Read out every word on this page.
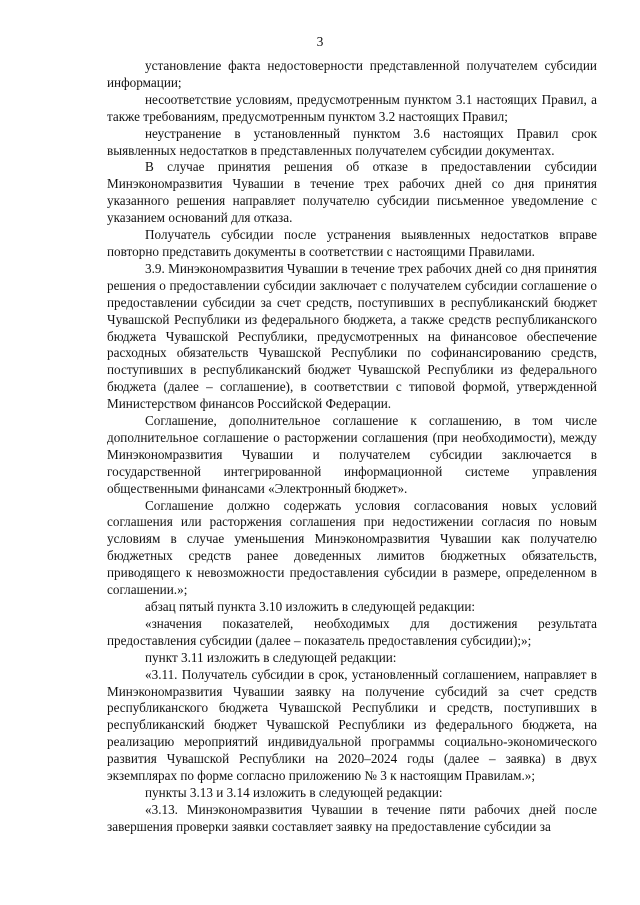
3

установление факта недостоверности представленной получателем субсидии информации;

несоответствие условиям, предусмотренным пунктом 3.1 настоящих Правил, а также требованиям, предусмотренным пунктом 3.2 настоящих Правил;

неустранение в установленный пунктом 3.6 настоящих Правил срок выявленных недостатков в представленных получателем субсидии документах.

В случае принятия решения об отказе в предоставлении субсидии Минэкономразвития Чувашии в течение трех рабочих дней со дня принятия указанного решения направляет получателю субсидии письменное уведомление с указанием оснований для отказа.

Получатель субсидии после устранения выявленных недостатков вправе повторно представить документы в соответствии с настоящими Правилами.

3.9. Минэкономразвития Чувашии в течение трех рабочих дней со дня принятия решения о предоставлении субсидии заключает с получателем субсидии соглашение о предоставлении субсидии за счет средств, поступивших в республиканский бюджет Чувашской Республики из федерального бюджета, а также средств республиканского бюджета Чувашской Республики, предусмотренных на финансовое обеспечение расходных обязательств Чувашской Республики по софинансированию средств, поступивших в республиканский бюджет Чувашской Республики из федерального бюджета (далее – соглашение), в соответствии с типовой формой, утвержденной Министерством финансов Российской Федерации.

Соглашение, дополнительное соглашение к соглашению, в том числе дополнительное соглашение о расторжении соглашения (при необходимости), между Минэкономразвития Чувашии и получателем субсидии заключается в государственной интегрированной информационной системе управления общественными финансами «Электронный бюджет».

Соглашение должно содержать условия согласования новых условий соглашения или расторжения соглашения при недостижении согласия по новым условиям в случае уменьшения Минэкономразвития Чувашии как получателю бюджетных средств ранее доведенных лимитов бюджетных обязательств, приводящего к невозможности предоставления субсидии в размере, определенном в соглашении.»;

абзац пятый пункта 3.10 изложить в следующей редакции:

«значения показателей, необходимых для достижения результата предоставления субсидии (далее – показатель предоставления субсидии);»;

пункт 3.11 изложить в следующей редакции:

«3.11. Получатель субсидии в срок, установленный соглашением, направляет в Минэкономразвития Чувашии заявку на получение субсидий за счет средств республиканского бюджета Чувашской Республики и средств, поступивших в республиканский бюджет Чувашской Республики из федерального бюджета, на реализацию мероприятий индивидуальной программы социально-экономического развития Чувашской Республики на 2020–2024 годы (далее – заявка) в двух экземплярах по форме согласно приложению № 3 к настоящим Правилам.»;

пункты 3.13 и 3.14 изложить в следующей редакции:

«3.13. Минэкономразвития Чувашии в течение пяти рабочих дней после завершения проверки заявки составляет заявку на предоставление субсидии за
